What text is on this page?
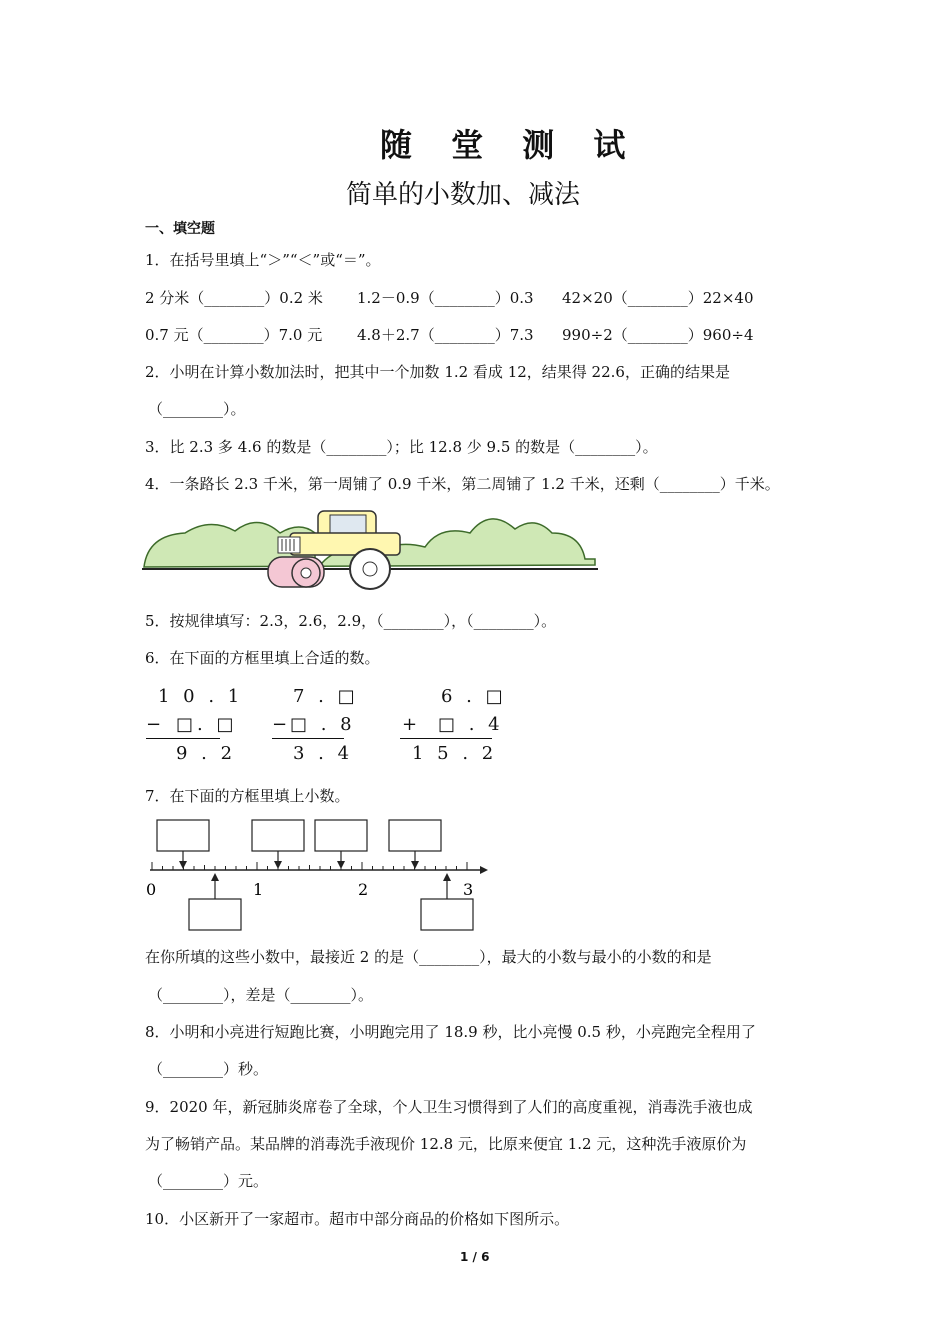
随 堂 测 试
简单的小数加、减法
一、填空题
1．在括号里填上“＞”“＜”或“＝”。
2 分米（________）0.2 米 1.2－0.9（________）0.3 42×20（________）22×40
0.7 元（________）7.0 元 4.8＋2.7（________）7.3 990÷2（________）960÷4
2．小明在计算小数加法时，把其中一个加数 1.2 看成 12，结果得 22.6，正确的结果是
（________）。
3．比 2.3 多 4.6 的数是（________）；比 12.8 少 9.5 的数是（________）。
4．一条路长 2.3 千米，第一周铺了 0.9 千米，第二周铺了 1.2 千米，还剩（________）千米。
5．按规律填写：2.3，2.6，2.9，（________），（________）。
6．在下面的方框里填上合适的数。
1 0 . 1
− □. □
9 . 2
7 . □
−
□ . 8
3 . 4
6 . □
+ □ . 4
1 5 . 2
7．在下面的方框里填上小数。
0	1	2	3
在你所填的这些小数中，最接近 2 的是（________），最大的小数与最小的小数的和是
（________），差是（________）。
8．小明和小亮进行短跑比赛，小明跑完用了 18.9 秒，比小亮慢 0.5 秒，小亮跑完全程用了
（________）秒。
9．2020 年，新冠肺炎席卷了全球，个人卫生习惯得到了人们的高度重视，消毒洗手液也成
为了畅销产品。某品牌的消毒洗手液现价 12.8 元，比原来便宜 1.2 元，这种洗手液原价为
（________）元。
10．小区新开了一家超市。超市中部分商品的价格如下图所示。
1 / 6
